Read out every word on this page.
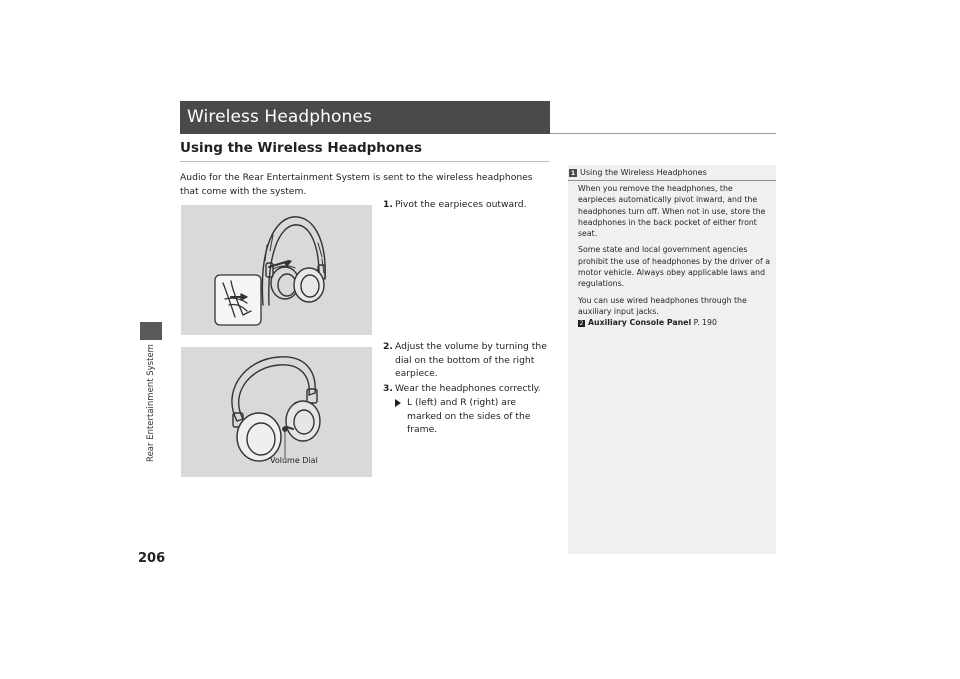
Rear Entertainment System
206
Wireless Headphones
Using the Wireless Headphones

Audio for the Rear Entertainment System is sent to the wireless headphones that come with the system.

Volume Dial
1. Pivot the earpieces outward.
2. Adjust the volume by turning the dial on the bottom of the right earpiece.
3. Wear the headphones correctly.
L (left) and R (right) are marked on the sides of the frame.
1 Using the Wireless Headphones

When you remove the headphones, the earpieces automatically pivot inward, and the headphones turn off. When not in use, store the headphones in the back pocket of either front seat.

Some state and local government agencies prohibit the use of headphones by the driver of a motor vehicle. Always obey applicable laws and regulations.

You can use wired headphones through the auxiliary input jacks.

2 Auxiliary Console Panel P. 190
